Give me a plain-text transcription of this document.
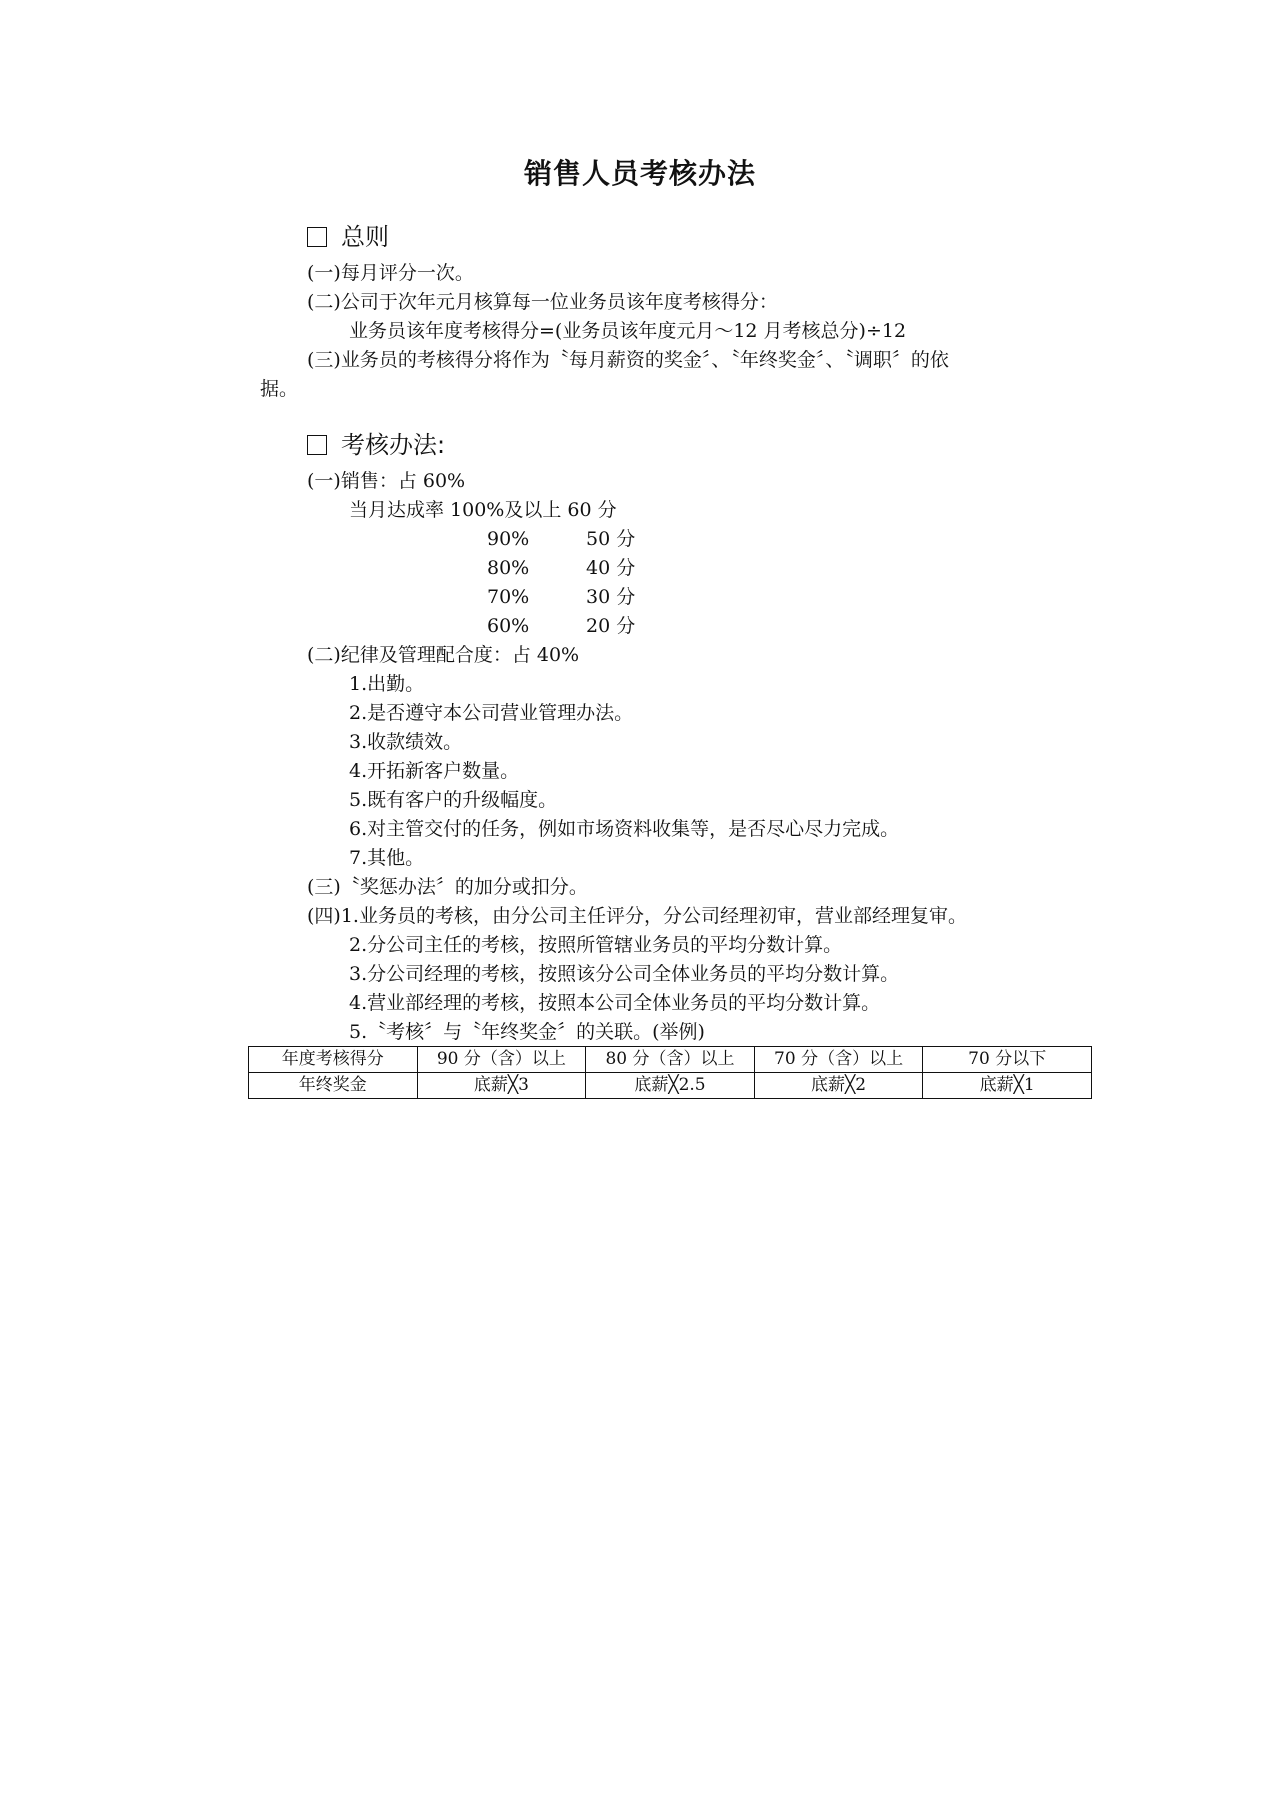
销售人员考核办法
总则
(一)每月评分一次。
(二)公司于次年元月核算每一位业务员该年度考核得分：
业务员该年度考核得分=(业务员该年度元月～12 月考核总分)÷12
(三)业务员的考核得分将作为〝每月薪资的奖金〞、〝年终奖金〞、〝调职〞的依
据。
考核办法:
(一)销售：占 60%
当月达成率 100%及以上 60 分
90%	50 分
80%	40 分
70%	30 分
60%	20 分
(二)纪律及管理配合度：占 40%
1.出勤。
2.是否遵守本公司营业管理办法。
3.收款绩效。
4.开拓新客户数量。
5.既有客户的升级幅度。
6.对主管交付的任务，例如市场资料收集等，是否尽心尽力完成。
7.其他。
(三)〝奖惩办法〞的加分或扣分。
(四)1.业务员的考核，由分公司主任评分，分公司经理初审，营业部经理复审。
2.分公司主任的考核，按照所管辖业务员的平均分数计算。
3.分公司经理的考核，按照该分公司全体业务员的平均分数计算。
4.营业部经理的考核，按照本公司全体业务员的平均分数计算。
5.〝考核〞与〝年终奖金〞的关联。(举例)
年度考核得分	90 分（含）以上	80 分（含）以上	70 分（含）以上	70 分以下
年终奖金	底薪╳3	底薪╳2.5	底薪╳2	底薪╳1
